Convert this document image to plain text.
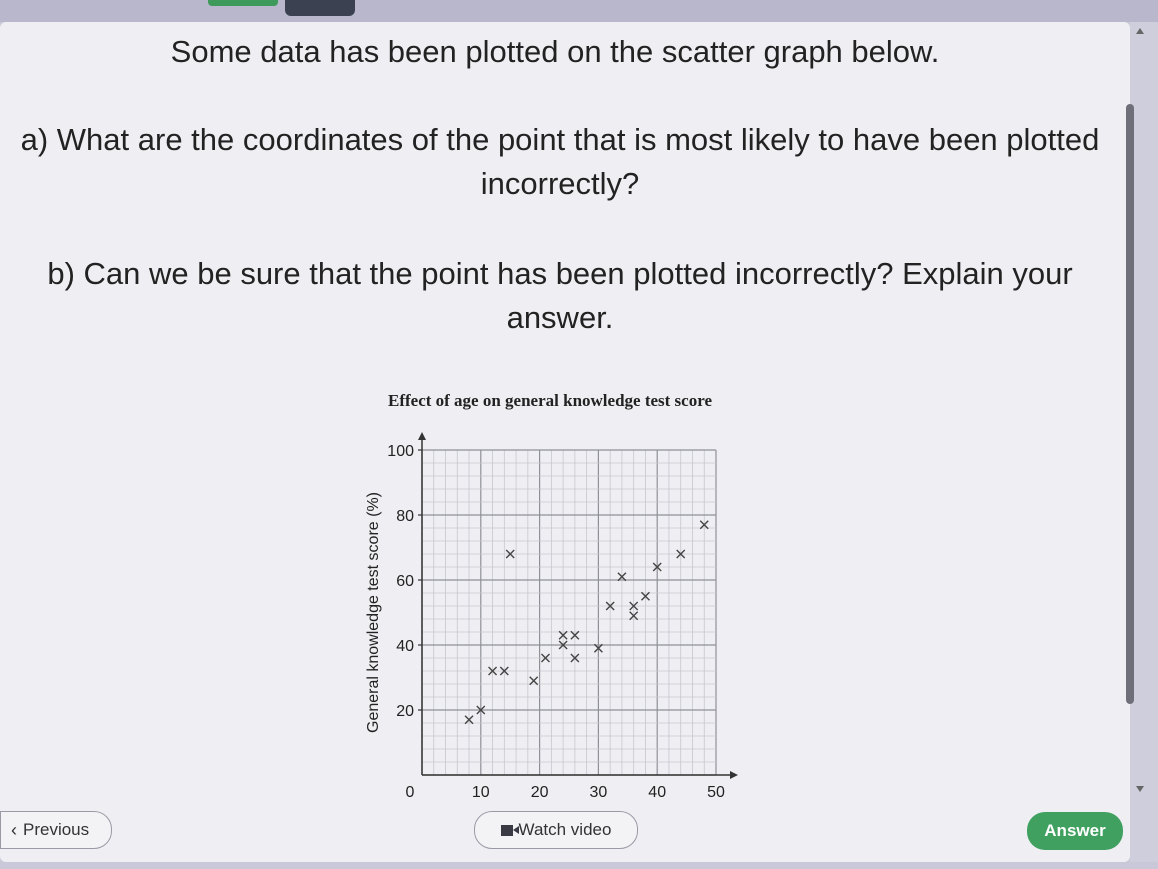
Some data has been plotted on the scatter graph below.
a) What are the coordinates of the point that is most likely to have been plotted incorrectly?
b) Can we be sure that the point has been plotted incorrectly? Explain your answer.
Effect of age on general knowledge test score
20
40
60
80
100
0	10	20	30	40	50
General knowledge test score (%)
‹ Previous	Watch video	Answer
